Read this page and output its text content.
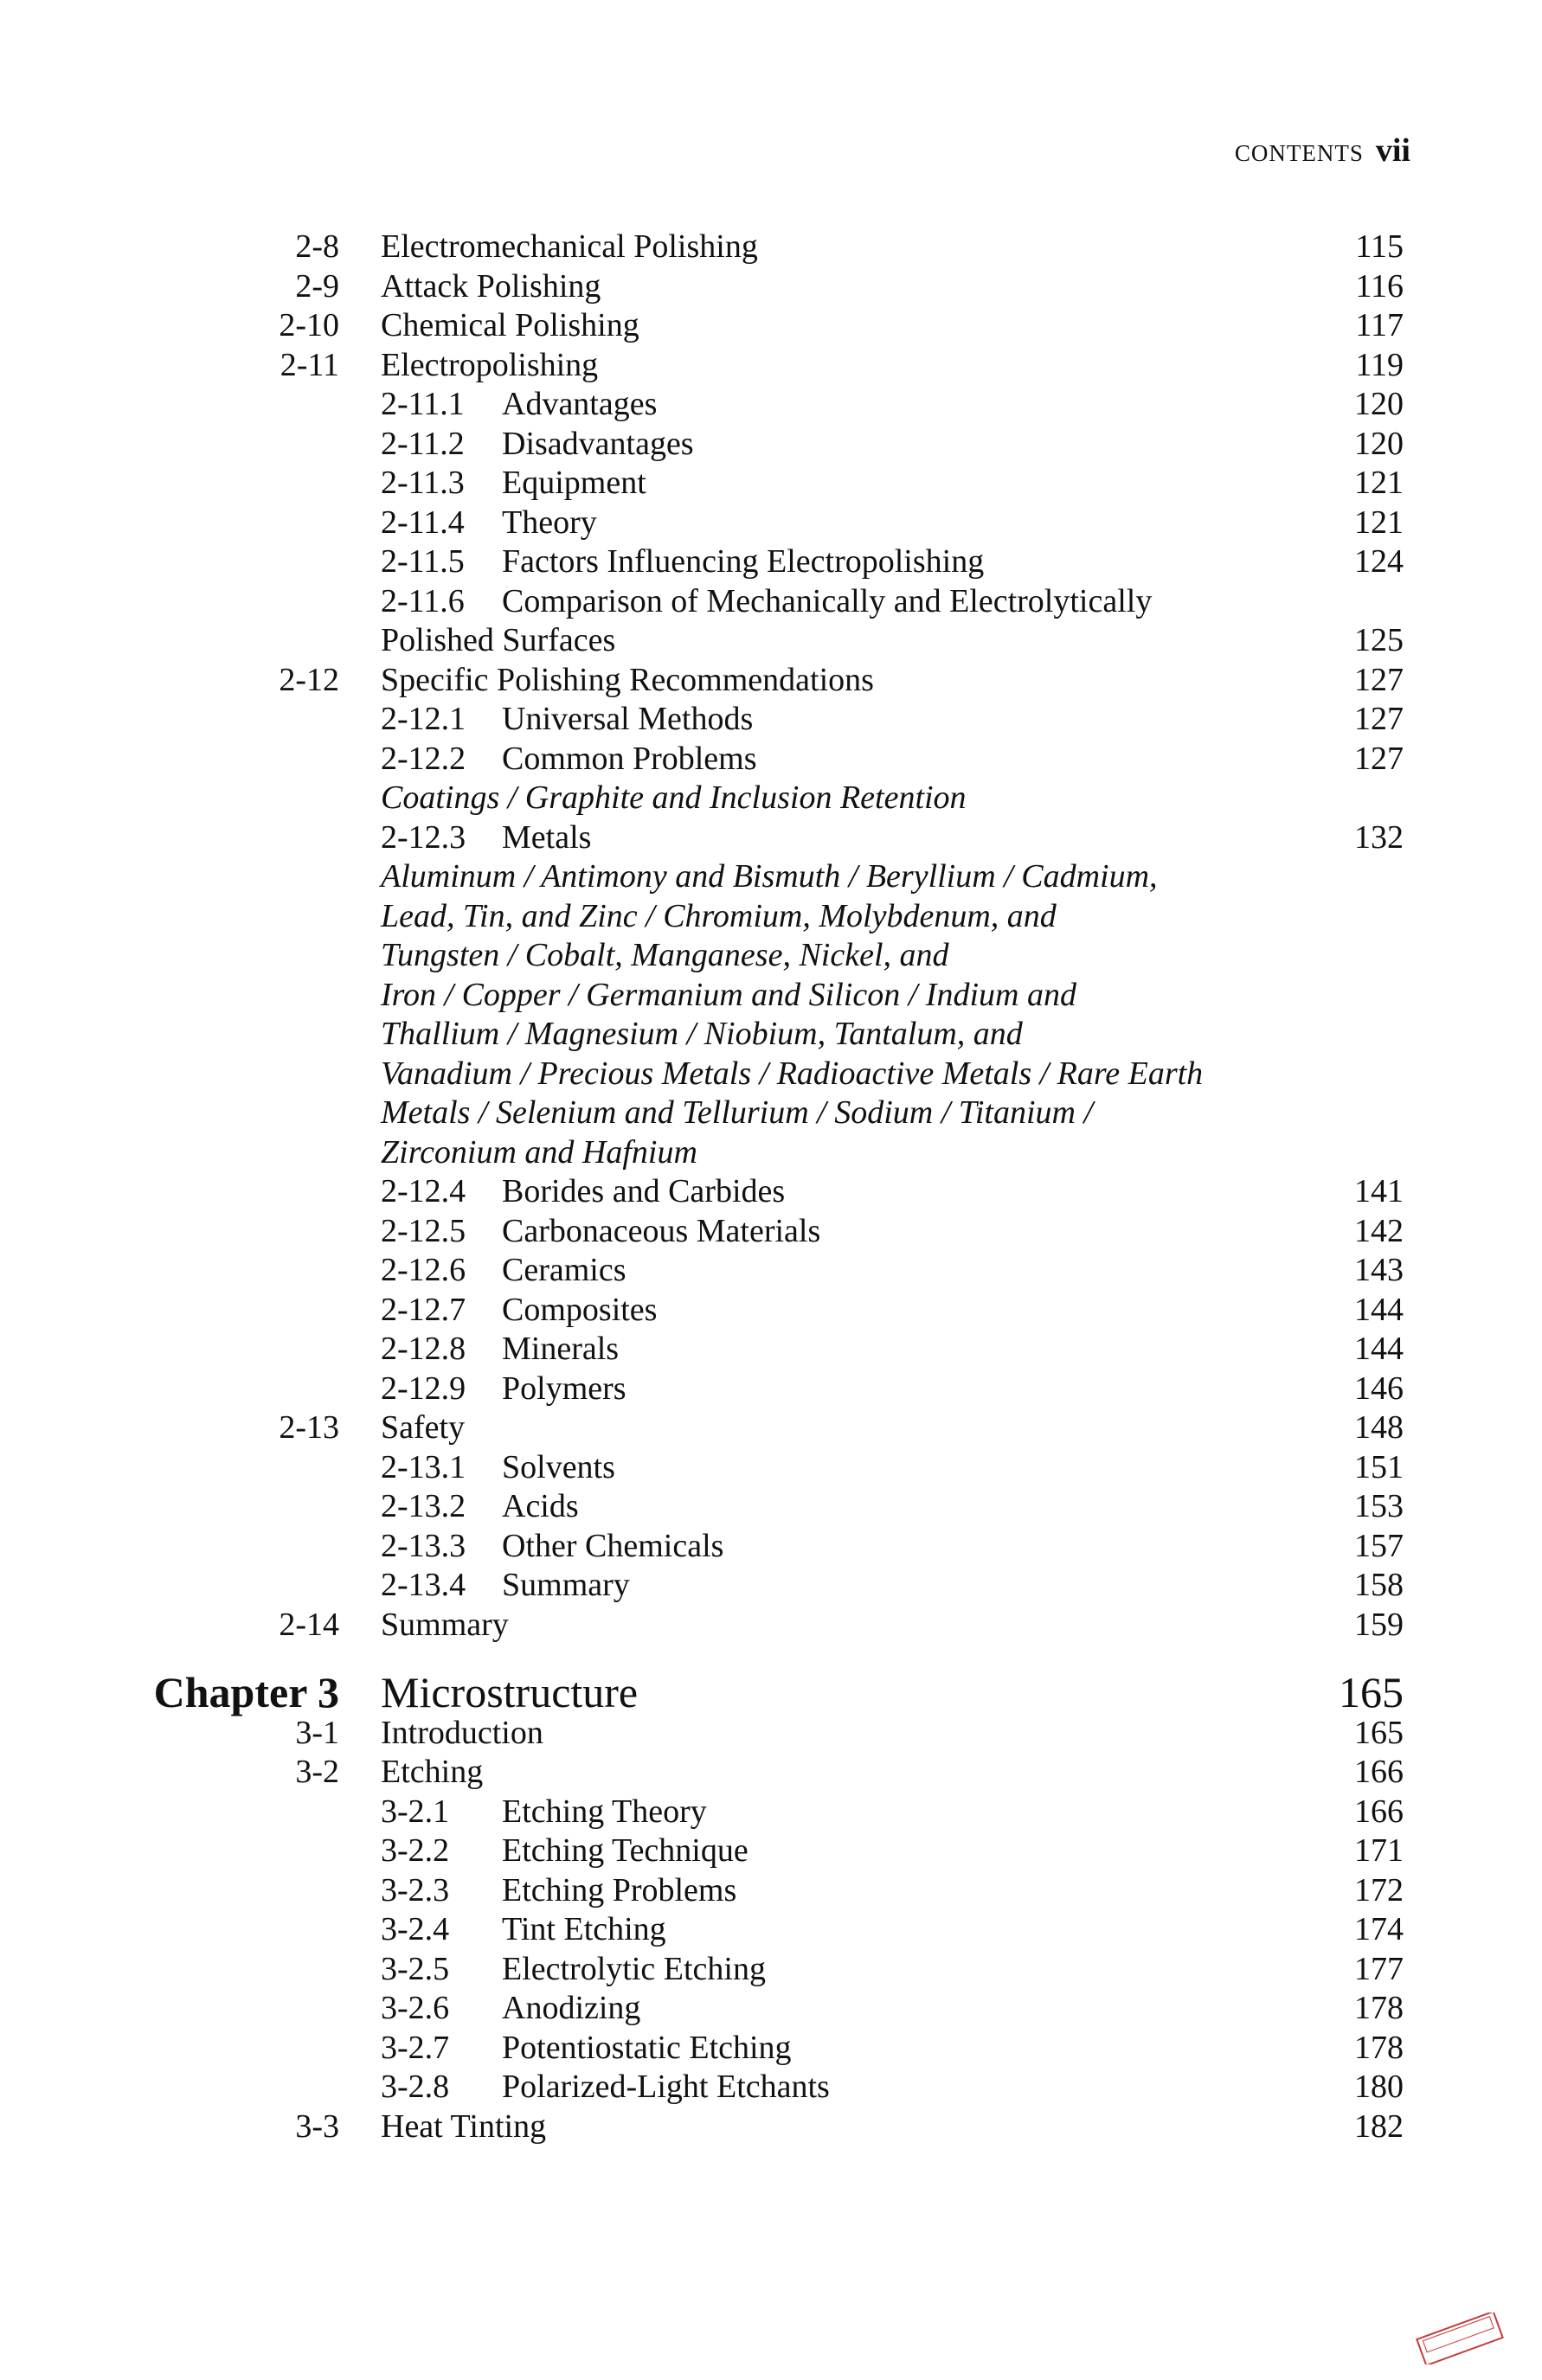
CONTENTS vii
2-8 Electromechanical Polishing	115
2-9 Attack Polishing	116
2-10 Chemical Polishing	117
2-11 Electropolishing	119
2-11.1 Advantages	120
2-11.2 Disadvantages	120
2-11.3 Equipment	121
2-11.4 Theory	121
2-11.5 Factors Influencing Electropolishing	124
2-11.6 Comparison of Mechanically and Electrolytically
Polished Surfaces	125
2-12 Specific Polishing Recommendations	127
2-12.1 Universal Methods	127
2-12.2 Common Problems	127
Coatings / Graphite and Inclusion Retention
2-12.3 Metals	132
Aluminum / Antimony and Bismuth / Beryllium / Cadmium,
Lead, Tin, and Zinc / Chromium, Molybdenum, and
Tungsten / Cobalt, Manganese, Nickel, and
Iron / Copper / Germanium and Silicon / Indium and
Thallium / Magnesium / Niobium, Tantalum, and
Vanadium / Precious Metals / Radioactive Metals / Rare Earth
Metals / Selenium and Tellurium / Sodium / Titanium /
Zirconium and Hafnium
2-12.4 Borides and Carbides	141
2-12.5 Carbonaceous Materials	142
2-12.6 Ceramics	143
2-12.7 Composites	144
2-12.8 Minerals	144
2-12.9 Polymers	146
2-13 Safety	148
2-13.1 Solvents	151
2-13.2 Acids	153
2-13.3 Other Chemicals	157
2-13.4 Summary	158
2-14 Summary	159
Chapter 3 Microstructure	165
3-1 Introduction	165
3-2 Etching	166
3-2.1 Etching Theory	166
3-2.2 Etching Technique	171
3-2.3 Etching Problems	172
3-2.4 Tint Etching	174
3-2.5 Electrolytic Etching	177
3-2.6 Anodizing	178
3-2.7 Potentiostatic Etching	178
3-2.8 Polarized-Light Etchants	180
3-3 Heat Tinting	182
